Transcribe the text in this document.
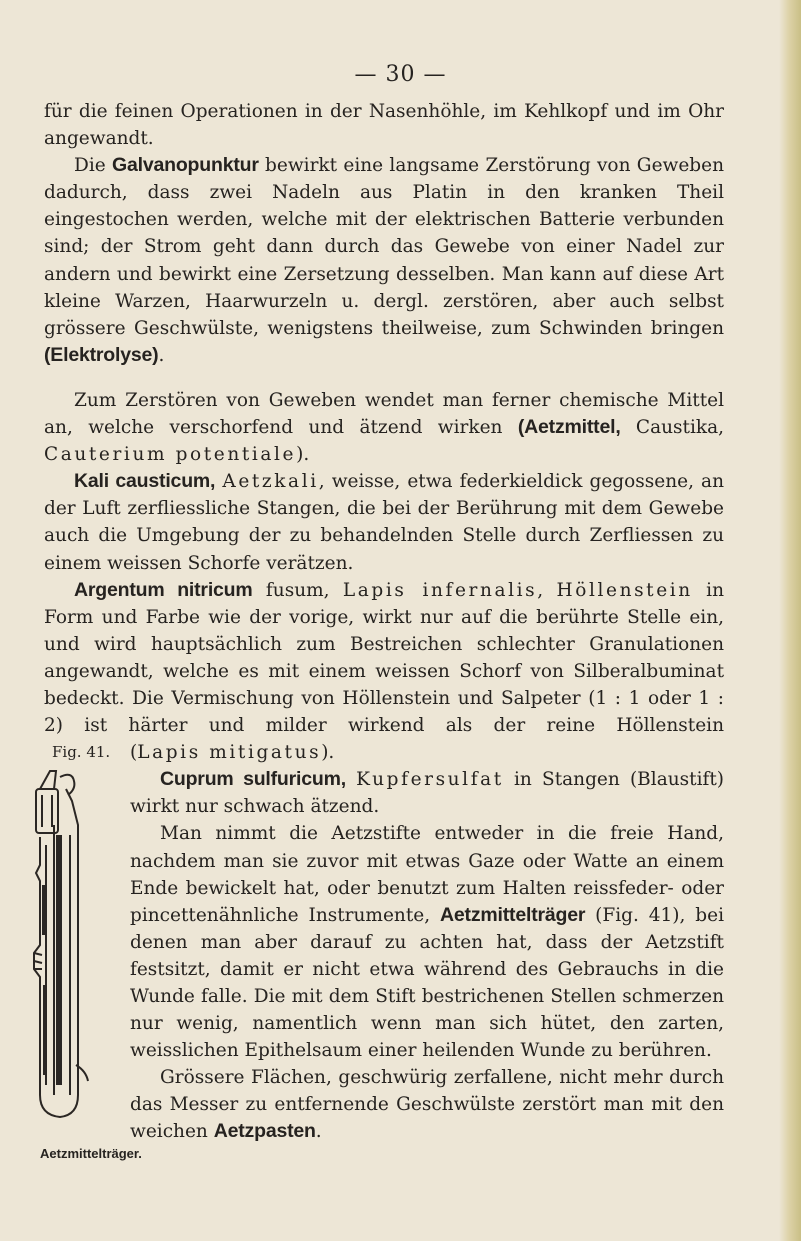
— 30 —

für die feinen Operationen in der Nasenhöhle, im Kehlkopf und im Ohr angewandt.

Die Galvanopunktur bewirkt eine langsame Zerstörung von Geweben dadurch, dass zwei Nadeln aus Platin in den kranken Theil eingestochen werden, welche mit der elektrischen Batterie verbunden sind; der Strom geht dann durch das Gewebe von einer Nadel zur andern und bewirkt eine Zersetzung desselben. Man kann auf diese Art kleine Warzen, Haarwurzeln u. dergl. zerstören, aber auch selbst grössere Geschwülste, wenigstens theilweise, zum Schwinden bringen (Elektrolyse).

Zum Zerstören von Geweben wendet man ferner chemische Mittel an, welche verschorfend und ätzend wirken (Aetzmittel, Caustika, Cauterium potentiale).

Kali causticum, Aetzkali, weisse, etwa federkieldick gegossene, an der Luft zerfliessliche Stangen, die bei der Berührung mit dem Gewebe auch die Umgebung der zu behandelnden Stelle durch Zerfliessen zu einem weissen Schorfe verätzen.

Argentum nitricum fusum, Lapis infernalis, Höllenstein in Form und Farbe wie der vorige, wirkt nur auf die berührte Stelle ein, und wird hauptsächlich zum Bestreichen schlechter Granulationen angewandt, welche es mit einem weissen Schorf von Silberalbuminat bedeckt. Die Vermischung von Höllenstein und Salpeter (1 : 1 oder 1 : 2) ist härter und milder wirkend als der reine Höllenstein (
Fig. 41.
Aetzmittelträger.
Lapis mitigatus).

Cuprum sulfuricum, Kupfersulfat in Stangen (Blaustift) wirkt nur schwach ätzend.

Man nimmt die Aetzstifte entweder in die freie Hand, nachdem man sie zuvor mit etwas Gaze oder Watte an einem Ende bewickelt hat, oder benutzt zum Halten reissfeder- oder pincettenähnliche Instrumente, Aetzmittelträger (Fig. 41), bei denen man aber darauf zu achten hat, dass der Aetzstift festsitzt, damit er nicht etwa während des Gebrauchs in die Wunde falle. Die mit dem Stift bestrichenen Stellen schmerzen nur wenig, namentlich wenn man sich hütet, den zarten, weisslichen Epithelsaum einer heilenden Wunde zu berühren.

Grössere Flächen, geschwürig zerfallene, nicht mehr durch das Messer zu entfernende Geschwülste zerstört man mit den weichen Aetzpasten.
